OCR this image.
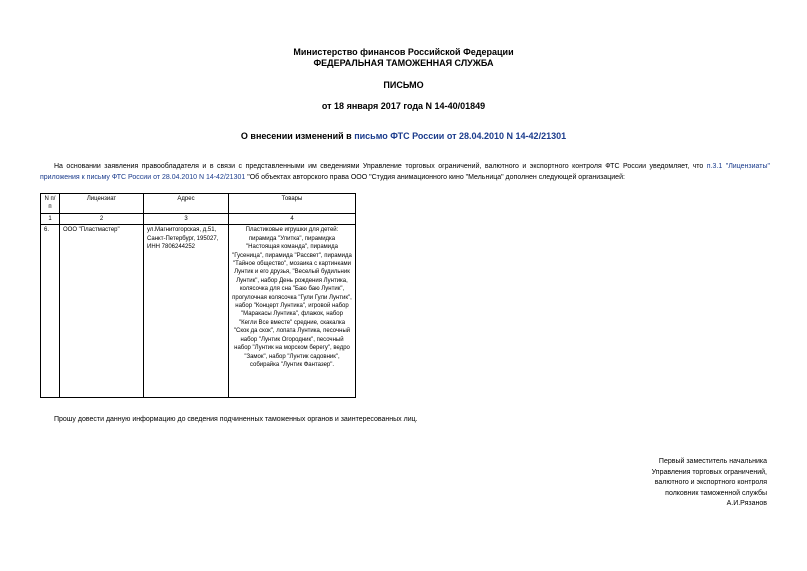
Министерство финансов Российской Федерации
ФЕДЕРАЛЬНАЯ ТАМОЖЕННАЯ СЛУЖБА
ПИСЬМО
от 18 января 2017 года N 14-40/01849
О внесении изменений в письмо ФТС России от 28.04.2010 N 14-42/21301
На основании заявления правообладателя и в связи с представленными им сведениями Управление торговых ограничений, валютного и экспортного контроля ФТС России уведомляет, что п.3.1 "Лицензиаты" приложения к письму ФТС России от 28.04.2010 N 14-42/21301 "Об объектах авторского права ООО "Студия анимационного кино "Мельница" дополнен следующей организацией:
N п/п	Лицензиат	Адрес	Товары
1	2	3	4
6.	ООО "Пластмастер"	ул.Магнитогорская, д.51, Санкт-Петербург, 195027, ИНН 7806244252	Пластиковые игрушки для детей: пирамида "Улитка", пирамидка "Настоящая команда", пирамида "Гусеница", пирамида "Рассвет", пирамида "Тайное общество", мозаика с картинками Лунтик и его друзья, "Веселый будильник Лунтик", набор День рождения Лунтика, колясочка для сна "Баю баю Лунтик", прогулочная колясочка "Гули Гули Лунтик", набор "Концерт Лунтика", игровой набор "Маракасы Лунтика", флажок, набор "Кегли Все вместе" средние, скакалка "Скок да скок", лопата Лунтика, песочный набор "Лунтик Огородник", песочный набор "Лунтик на морском берегу", ведро "Замок", набор "Лунтик садовник", собирайка "Лунтик Фантазер".
Прошу довести данную информацию до сведения подчиненных таможенных органов и заинтересованных лиц.
Первый заместитель начальника
Управления торговых ограничений,
валютного и экспортного контроля
полковник таможенной службы
А.И.Рязанов
